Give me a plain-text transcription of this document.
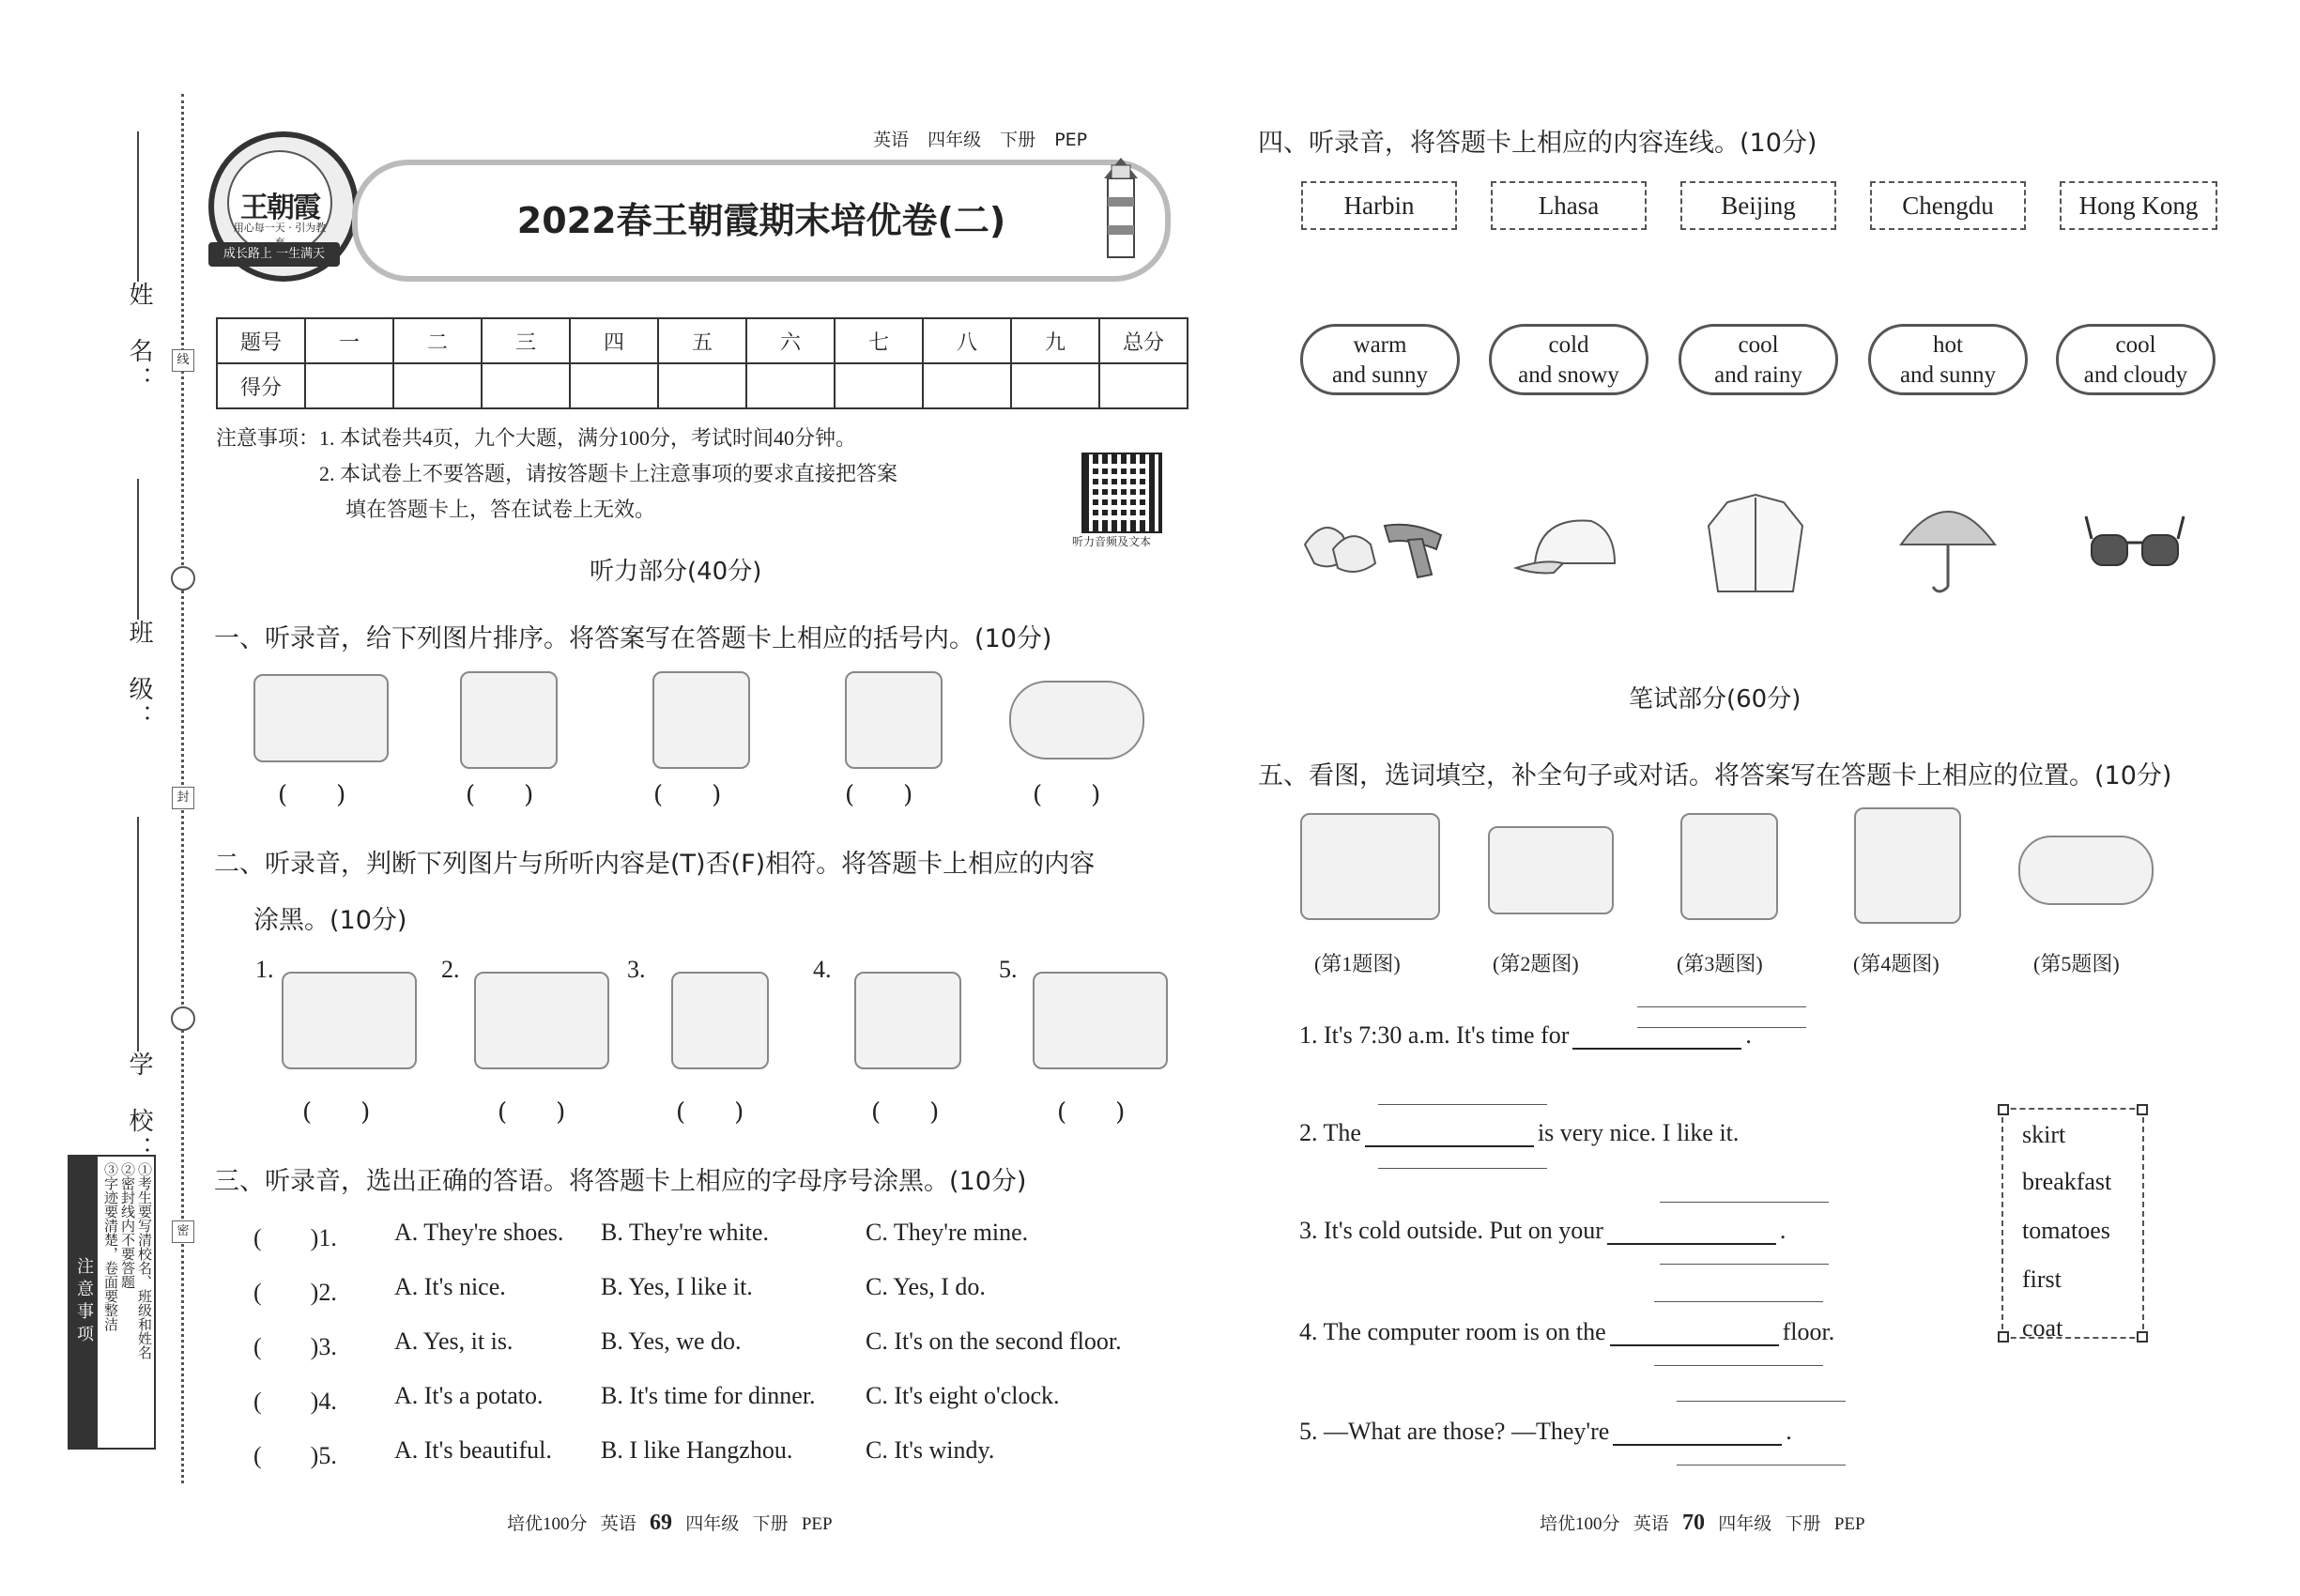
姓　名：
班　级：
学　校：
线
封
密
注意事项	①考生要写清校名、班级和姓名
②密封线内不要答题
③字迹要清楚，卷面要整洁
王朝霞
用心每一天 · 引为教
成长路上 一生满天
2022春王朝霞期末培优卷(二)
英语 四年级 下册 PEP
题号	一	二	三	四	五	六	七	八	九	总分
得分										
注意事项：1. 本试卷共4页，九个大题，满分100分，考试时间40分钟。
2. 本试卷上不要答题，请按答题卡上注意事项的要求直接把答案
填在答题卡上，答在试卷上无效。
听力音频及文本
听力部分(40分)
一、听录音，给下列图片排序。将答案写在答题卡上相应的括号内。(10分)
(　　)	(　　)	(　　)	(　　)	(　　)
二、听录音，判断下列图片与所听内容是(T)否(F)相符。将答题卡上相应的内容
涂黑。(10分)
1.	2.	3.	4.	5.
(　　)	(　　)	(　　)	(　　)	(　　)
三、听录音，选出正确的答语。将答题卡上相应的字母序号涂黑。(10分)
(　　)1. A. They're shoes. B. They're white.	C. They're mine.
(　　)2. A. It's nice.	B. Yes, I like it.	C. Yes, I do.
(　　)3. A. Yes, it is.	B. Yes, we do.	C. It's on the second floor.
(　　)4. A. It's a potato. B. It's time for dinner. C. It's eight o'clock.
(　　)5. A. It's beautiful. B. I like Hangzhou.	C. It's windy.
培优100分 英语 69 四年级 下册 PEP
四、听录音，将答题卡上相应的内容连线。(10分)
Harbin	Lhasa	Beijing	Chengdu	Hong Kong
warm
and sunny
cold
and snowy
cool
and rainy
hot
and sunny
cool
and cloudy
笔试部分(60分)
五、看图，选词填空，补全句子或对话。将答案写在答题卡上相应的位置。(10分)
(第1题图)	(第2题图)	(第3题图)	(第4题图)	(第5题图)
1. It's 7:30 a.m. It's time for	.
2. The	is very nice. I like it.
3. It's cold outside. Put on your	.
4. The computer room is on the	floor.
5. —What are those? —They're	.
skirt
breakfast
tomatoes
first
coat
培优100分 英语 70 四年级 下册 PEP
